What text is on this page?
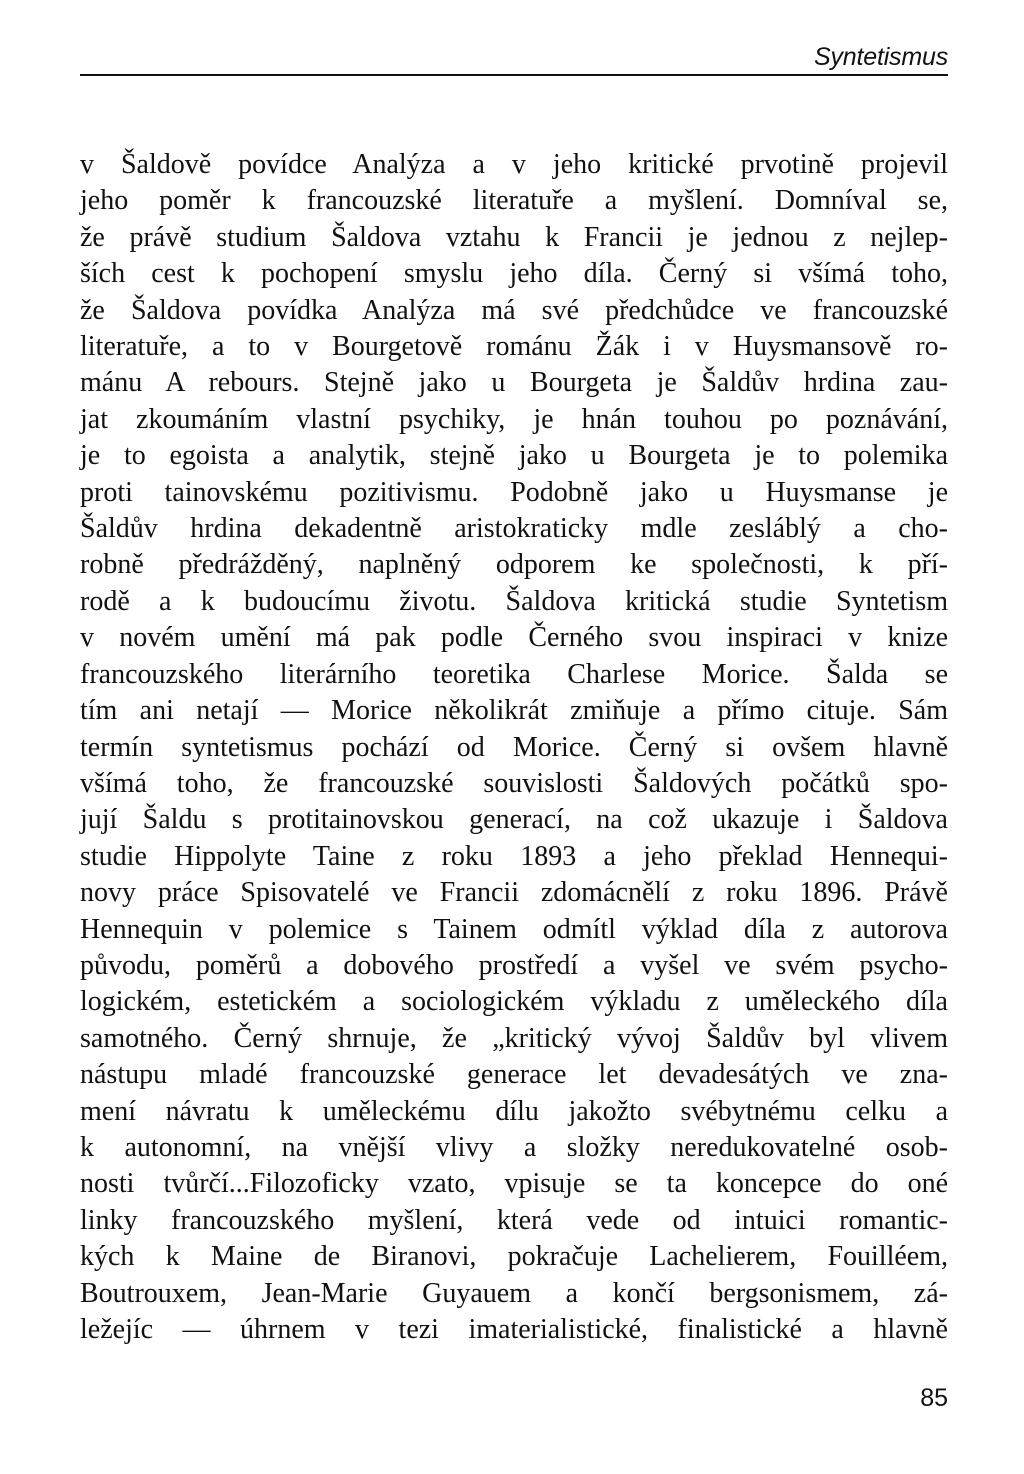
Syntetismus
v Šaldově povídce Analýza a v jeho kritické prvotině projevil
jeho poměr k francouzské literatuře a myšlení. Domníval se,
že právě studium Šaldova vztahu k Francii je jednou z nejlep-
ších cest k pochopení smyslu jeho díla. Černý si všímá toho,
že Šaldova povídka Analýza má své předchůdce ve francouzské
literatuře, a to v Bourgetově románu Žák i v Huysmansově ro-
mánu A rebours. Stejně jako u Bourgeta je Šaldův hrdina zau-
jat zkoumáním vlastní psychiky, je hnán touhou po poznávání,
je to egoista a analytik, stejně jako u Bourgeta je to polemika
proti tainovskému pozitivismu. Podobně jako u Huysmanse je
Šaldův hrdina dekadentně aristokraticky mdle zesláblý a cho-
robně předrážděný, naplněný odporem ke společnosti, k pří-
rodě a k budoucímu životu. Šaldova kritická studie Syntetism
v novém umění má pak podle Černého svou inspiraci v knize
francouzského literárního teoretika Charlese Morice. Šalda se
tím ani netají — Morice několikrát zmiňuje a přímo cituje. Sám
termín syntetismus pochází od Morice. Černý si ovšem hlavně
všímá toho, že francouzské souvislosti Šaldových počátků spo-
jují Šaldu s protitainovskou generací, na což ukazuje i Šaldova
studie Hippolyte Taine z roku 1893 a jeho překlad Hennequi-
novy práce Spisovatelé ve Francii zdomácnělí z roku 1896. Právě
Hennequin v polemice s Tainem odmítl výklad díla z autorova
původu, poměrů a dobového prostředí a vyšel ve svém psycho-
logickém, estetickém a sociologickém výkladu z uměleckého díla
samotného. Černý shrnuje, že „kritický vývoj Šaldův byl vlivem
nástupu mladé francouzské generace let devadesátých ve zna-
mení návratu k uměleckému dílu jakožto svébytnému celku a
k autonomní, na vnější vlivy a složky neredukovatelné osob-
nosti tvůrčí...Filozoficky vzato, vpisuje se ta koncepce do oné
linky francouzského myšlení, která vede od intuici romantic-
kých k Maine de Biranovi, pokračuje Lachelierem, Fouilléem,
Boutrouxem, Jean-Marie Guyauem a končí bergsonismem, zá-
ležejíc — úhrnem v tezi imaterialistické, finalistické a hlavně
85
